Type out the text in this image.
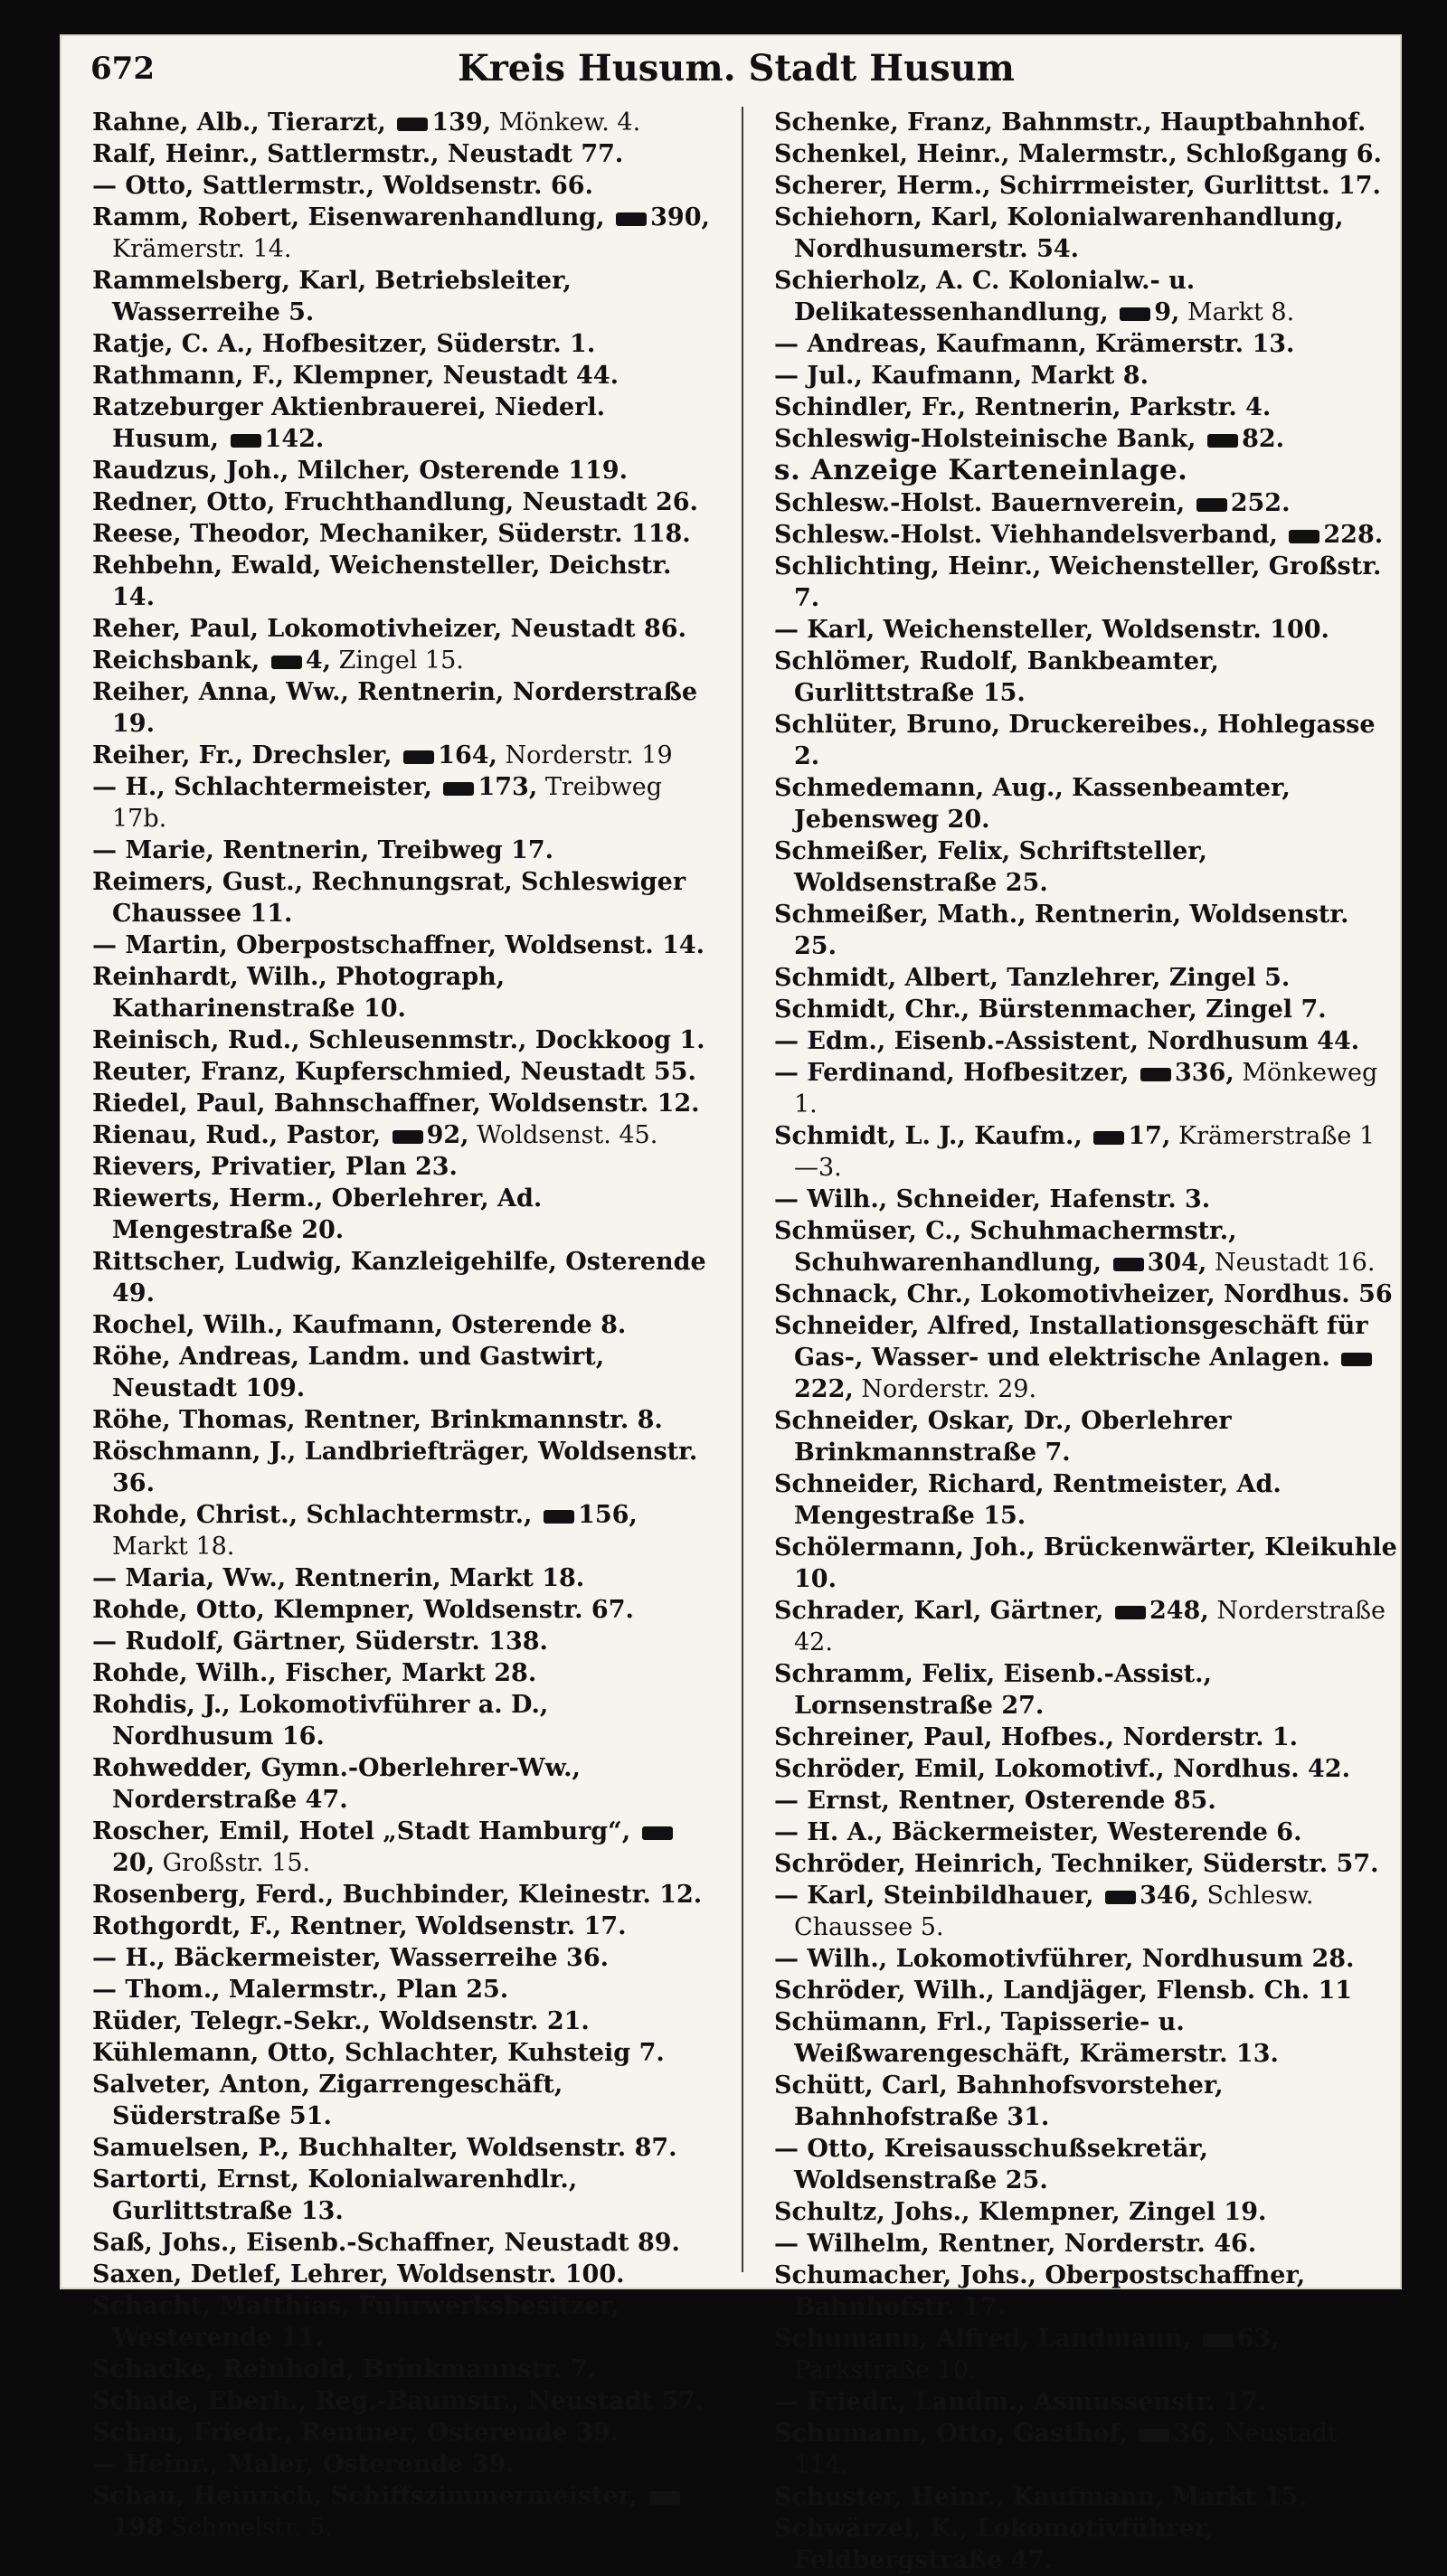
672	Kreis Husum. Stadt Husum
Rahne, Alb., Tierarzt, 139, Mönkew. 4.
Ralf, Heinr., Sattlermstr., Neustadt 77.
— Otto, Sattlermstr., Woldsenstr. 66.
Ramm, Robert, Eisenwarenhandlung, 390, Krämerstr. 14.
Rammelsberg, Karl, Betriebsleiter, Wasserreihe 5.
Ratje, C. A., Hofbesitzer, Süderstr. 1.
Rathmann, F., Klempner, Neustadt 44.
Ratzeburger Aktienbrauerei, Niederl. Husum, 142.
Raudzus, Joh., Milcher, Osterende 119.
Redner, Otto, Fruchthandlung, Neustadt 26.
Reese, Theodor, Mechaniker, Süderstr. 118.
Rehbehn, Ewald, Weichensteller, Deichstr. 14.
Reher, Paul, Lokomotivheizer, Neustadt 86.
Reichsbank, 4, Zingel 15.
Reiher, Anna, Ww., Rentnerin, Norderstraße 19.
Reiher, Fr., Drechsler, 164, Norderstr. 19
— H., Schlachtermeister, 173, Treibweg 17b.
— Marie, Rentnerin, Treibweg 17.
Reimers, Gust., Rechnungsrat, Schleswiger Chaussee 11.
— Martin, Oberpostschaffner, Woldsenst. 14.
Reinhardt, Wilh., Photograph, Katharinenstraße 10.
Reinisch, Rud., Schleusenmstr., Dockkoog 1.
Reuter, Franz, Kupferschmied, Neustadt 55.
Riedel, Paul, Bahnschaffner, Woldsenstr. 12.
Rienau, Rud., Pastor, 92, Woldsenst. 45.
Rievers, Privatier, Plan 23.
Riewerts, Herm., Oberlehrer, Ad. Mengestraße 20.
Rittscher, Ludwig, Kanzleigehilfe, Osterende 49.
Rochel, Wilh., Kaufmann, Osterende 8.
Röhe, Andreas, Landm. und Gastwirt, Neustadt 109.
Röhe, Thomas, Rentner, Brinkmannstr. 8.
Röschmann, J., Landbriefträger, Woldsenstr. 36.
Rohde, Christ., Schlachtermstr., 156, Markt 18.
— Maria, Ww., Rentnerin, Markt 18.
Rohde, Otto, Klempner, Woldsenstr. 67.
— Rudolf, Gärtner, Süderstr. 138.
Rohde, Wilh., Fischer, Markt 28.
Rohdis, J., Lokomotivführer a. D., Nordhusum 16.
Rohwedder, Gymn.-Oberlehrer-Ww., Norderstraße 47.
Roscher, Emil, Hotel „Stadt Hamburg“, 20, Großstr. 15.
Rosenberg, Ferd., Buchbinder, Kleinestr. 12.
Rothgordt, F., Rentner, Woldsenstr. 17.
— H., Bäckermeister, Wasserreihe 36.
— Thom., Malermstr., Plan 25.
Rüder, Telegr.-Sekr., Woldsenstr. 21.
Kühlemann, Otto, Schlachter, Kuhsteig 7.
Salveter, Anton, Zigarrengeschäft, Süderstraße 51.
Samuelsen, P., Buchhalter, Woldsenstr. 87.
Sartorti, Ernst, Kolonialwarenhdlr., Gurlittstraße 13.
Saß, Johs., Eisenb.-Schaffner, Neustadt 89.
Saxen, Detlef, Lehrer, Woldsenstr. 100.
Schacht, Matthias, Fuhrwerksbesitzer, Westerende 11.
Schacke, Reinhold, Brinkmannstr. 7.
Schade, Eberh., Reg.-Baumstr., Neustadt 57.
Schau, Friedr., Rentner, Osterende 39.
— Heinr., Maler, Osterende 39.
Schau, Heinrich, Schiffszimmermeister, 198 Schmelstr. 5.
Schenke, Franz, Bahnmstr., Hauptbahnhof.
Schenkel, Heinr., Malermstr., Schloßgang 6.
Scherer, Herm., Schirrmeister, Gurlittst. 17.
Schiehorn, Karl, Kolonialwarenhandlung, Nordhusumerstr. 54.
Schierholz, A. C. Kolonialw.- u. Delikatessenhandlung, 9, Markt 8.
— Andreas, Kaufmann, Krämerstr. 13.
— Jul., Kaufmann, Markt 8.
Schindler, Fr., Rentnerin, Parkstr. 4.
Schleswig-Holsteinische Bank, 82.
s. Anzeige Karteneinlage.
Schlesw.-Holst. Bauernverein, 252.
Schlesw.-Holst. Viehhandelsverband, 228.
Schlichting, Heinr., Weichensteller, Großstr. 7.
— Karl, Weichensteller, Woldsenstr. 100.
Schlömer, Rudolf, Bankbeamter, Gurlittstraße 15.
Schlüter, Bruno, Druckereibes., Hohlegasse 2.
Schmedemann, Aug., Kassenbeamter, Jebensweg 20.
Schmeißer, Felix, Schriftsteller, Woldsenstraße 25.
Schmeißer, Math., Rentnerin, Woldsenstr. 25.
Schmidt, Albert, Tanzlehrer, Zingel 5.
Schmidt, Chr., Bürstenmacher, Zingel 7.
— Edm., Eisenb.-Assistent, Nordhusum 44.
— Ferdinand, Hofbesitzer, 336, Mönkeweg 1.
Schmidt, L. J., Kaufm., 17, Krämerstraße 1—3.
— Wilh., Schneider, Hafenstr. 3.
Schmüser, C., Schuhmachermstr., Schuhwarenhandlung, 304, Neustadt 16.
Schnack, Chr., Lokomotivheizer, Nordhus. 56
Schneider, Alfred, Installationsgeschäft für Gas-, Wasser- und elektrische Anlagen. 222, Norderstr. 29.
Schneider, Oskar, Dr., Oberlehrer Brinkmannstraße 7.
Schneider, Richard, Rentmeister, Ad. Mengestraße 15.
Schölermann, Joh., Brückenwärter, Kleikuhle 10.
Schrader, Karl, Gärtner, 248, Norderstraße 42.
Schramm, Felix, Eisenb.-Assist., Lornsenstraße 27.
Schreiner, Paul, Hofbes., Norderstr. 1.
Schröder, Emil, Lokomotivf., Nordhus. 42.
— Ernst, Rentner, Osterende 85.
— H. A., Bäckermeister, Westerende 6.
Schröder, Heinrich, Techniker, Süderstr. 57.
— Karl, Steinbildhauer, 346, Schlesw. Chaussee 5.
— Wilh., Lokomotivführer, Nordhusum 28.
Schröder, Wilh., Landjäger, Flensb. Ch. 11
Schümann, Frl., Tapisserie- u. Weißwarengeschäft, Krämerstr. 13.
Schütt, Carl, Bahnhofsvorsteher, Bahnhofstraße 31.
— Otto, Kreisausschußsekretär, Woldsenstraße 25.
Schultz, Johs., Klempner, Zingel 19.
— Wilhelm, Rentner, Norderstr. 46.
Schumacher, Johs., Oberpostschaffner, Bahnhofstr. 17.
Schumann, Alfred, Landmann, 63, Parkstraße 10.
— Friedr., Landm., Asmussenstr. 17.
Schumann, Otto, Gasthof, 36, Neustadt 114.
Schuster, Heinr., Kaufmann, Markt 15.
Schwärzel, K., Lokomotivführer, Feldbergstraße 47.
